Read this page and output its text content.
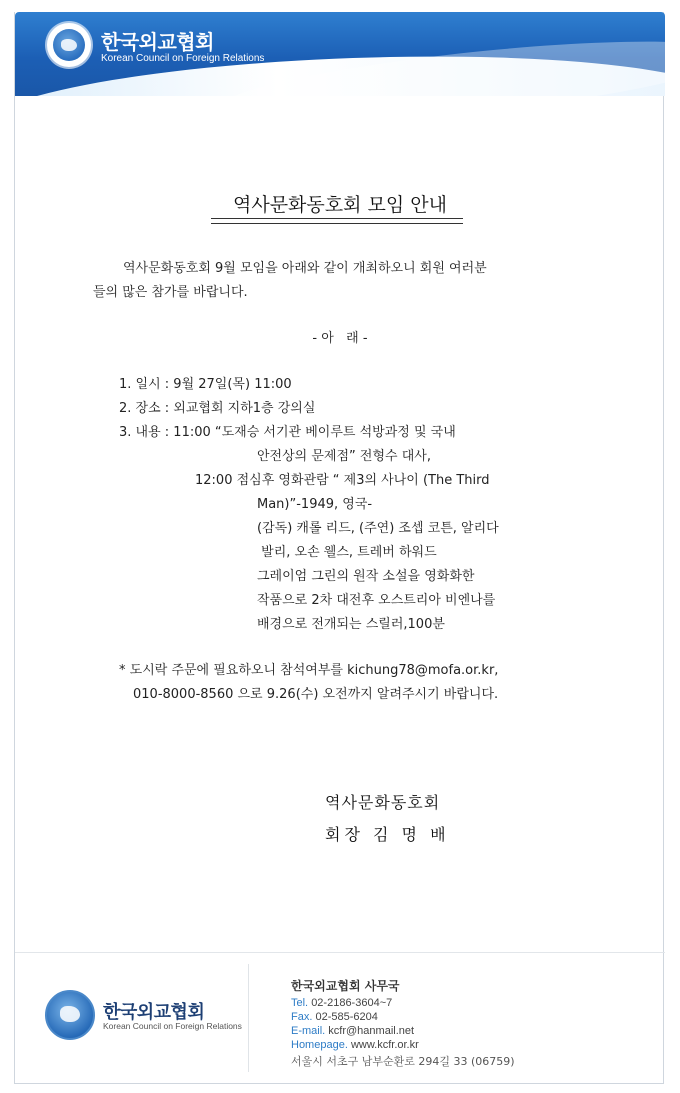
한국외교협회
Korean Council on Foreign Relations
역사문화동호회 모임 안내
역사문화동호회 9월 모임을 아래와 같이 개최하오니 회원 여러분
들의 많은 참가를 바랍니다.
- 아   래 -
1. 일시 : 9월 27일(목) 11:00
2. 장소 : 외교협회 지하1층 강의실
3. 내용 : 11:00 “도재승 서기관 베이루트 석방과정 및 국내
안전상의 문제점” 전형수 대사,
12:00 점심후 영화관람 “ 제3의 사나이 (The Third
Man)”-1949, 영국-
(감독) 캐롤 리드, (주연) 조셉 코튼, 알리다
발리, 오손 웰스, 트레버 하워드
그레이엄 그린의 원작 소설을 영화화한
작품으로 2차 대전후 오스트리아 비엔나를
배경으로 전개되는 스릴러,100분
* 도시락 주문에 필요하오니 참석여부를 kichung78@mofa.or.kr,
010-8000-8560 으로 9.26(수) 오전까지 알려주시기 바랍니다.
역사문화동호회
회장 김 명 배
한국외교협회
Korean Council on Foreign Relations
한국외교협회 사무국
Tel. 02-2186-3604~7
Fax. 02-585-6204
E-mail. kcfr@hanmail.net
Homepage. www.kcfr.or.kr
서울시 서초구 남부순환로 294길 33 (06759)
